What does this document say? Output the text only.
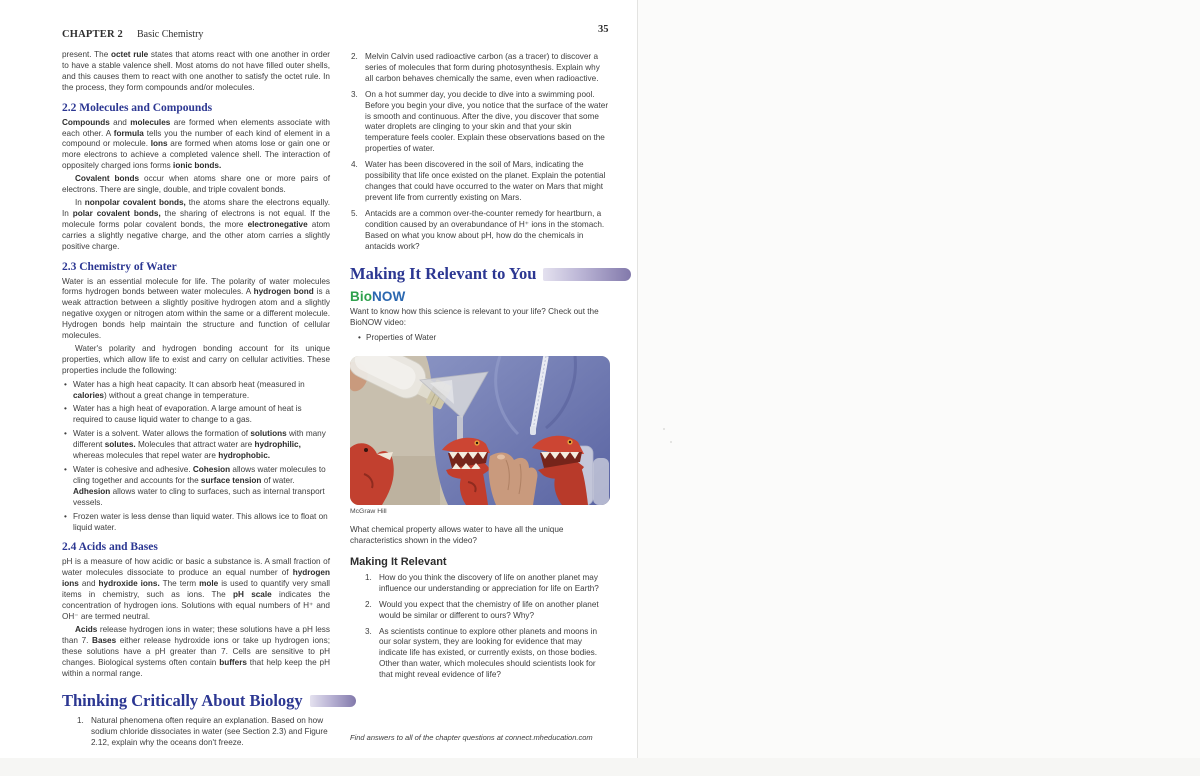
CHAPTER 2 Basic Chemistry	35

present. The octet rule states that atoms react with one another in order to have a stable valence shell. Most atoms do not have filled outer shells, and this causes them to react with one another to satisfy the octet rule. In the process, they form compounds and/or molecules.

2.2 Molecules and Compounds

Compounds and molecules are formed when elements associate with each other. A formula tells you the number of each kind of element in a compound or molecule. Ions are formed when atoms lose or gain one or more electrons to achieve a completed valence shell. The interaction of oppositely charged ions forms ionic bonds.

Covalent bonds occur when atoms share one or more pairs of electrons. There are single, double, and triple covalent bonds.

In nonpolar covalent bonds, the atoms share the electrons equally. In polar covalent bonds, the sharing of electrons is not equal. If the molecule forms polar covalent bonds, the more electronegative atom carries a slightly negative charge, and the other atom carries a slightly positive charge.

2.3 Chemistry of Water

Water is an essential molecule for life. The polarity of water molecules forms hydrogen bonds between water molecules. A hydrogen bond is a weak attraction between a slightly positive hydrogen atom and a slightly negative oxygen or nitrogen atom within the same or a different molecule. Hydrogen bonds help maintain the structure and function of cellular molecules.

Water's polarity and hydrogen bonding account for its unique properties, which allow life to exist and carry on cellular activities. These properties include the following:

• Water has a high heat capacity. It can absorb heat (measured in calories) without a great change in temperature.
• Water has a high heat of evaporation. A large amount of heat is required to cause liquid water to change to a gas.
• Water is a solvent. Water allows the formation of solutions with many different solutes. Molecules that attract water are hydrophilic, whereas molecules that repel water are hydrophobic.
• Water is cohesive and adhesive. Cohesion allows water molecules to cling together and accounts for the surface tension of water. Adhesion allows water to cling to surfaces, such as internal transport vessels.
• Frozen water is less dense than liquid water. This allows ice to float on liquid water.
2.4 Acids and Bases

pH is a measure of how acidic or basic a substance is. A small fraction of water molecules dissociate to produce an equal number of hydrogen ions and hydroxide ions. The term mole is used to quantify very small items in chemistry, such as ions. The pH scale indicates the concentration of hydrogen ions. Solutions with equal numbers of H⁺ and OH⁻ are termed neutral.

Acids release hydrogen ions in water; these solutions have a pH less than 7. Bases either release hydroxide ions or take up hydrogen ions; these solutions have a pH greater than 7. Cells are sensitive to pH changes. Biological systems often contain buffers that help keep the pH within a normal range.

Thinking Critically About Biology
1. Natural phenomena often require an explanation. Based on how sodium chloride dissociates in water (see Section 2.3) and Figure 2.12, explain why the oceans don't freeze.
2. Melvin Calvin used radioactive carbon (as a tracer) to discover a series of molecules that form during photosynthesis. Explain why all carbon behaves chemically the same, even when radioactive.
3. On a hot summer day, you decide to dive into a swimming pool. Before you begin your dive, you notice that the surface of the water is smooth and continuous. After the dive, you discover that some water droplets are clinging to your skin and that your skin temperature feels cooler. Explain these observations based on the properties of water.
4. Water has been discovered in the soil of Mars, indicating the possibility that life once existed on the planet. Explain the potential changes that could have occurred to the water on Mars that might prevent life from currently existing on Mars.
5. Antacids are a common over-the-counter remedy for heartburn, a condition caused by an overabundance of H⁺ ions in the stomach. Based on what you know about pH, how do the chemicals in antacids work?
Making It Relevant to You
BioNOW

Want to know how this science is relevant to your life? Check out the BioNOW video:

• Properties of Water
McGraw Hill

What chemical property allows water to have all the unique characteristics shown in the video?

Making It Relevant
1. How do you think the discovery of life on another planet may influence our understanding or appreciation for life on Earth?
2. Would you expect that the chemistry of life on another planet would be similar or different to ours? Why?
3. As scientists continue to explore other planets and moons in our solar system, they are looking for evidence that may indicate life has existed, or currently exists, on those bodies. Other than water, which molecules should scientists look for that might reveal evidence of life?
Find answers to all of the chapter questions at connect.mheducation.com
